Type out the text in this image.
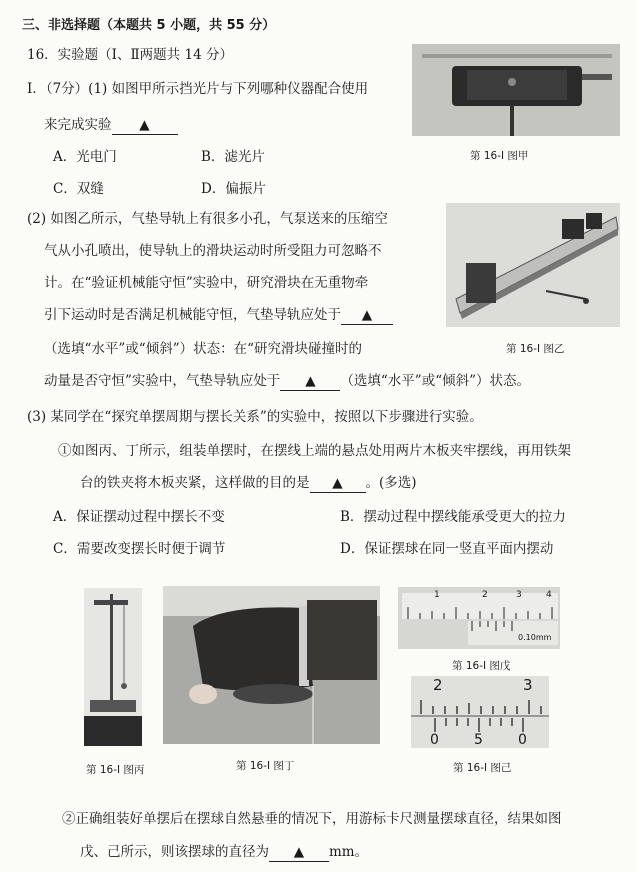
三、非选择题（本题共 5 小题，共 55 分）
16．实验题（Ⅰ、Ⅱ两题共 14 分）
Ⅰ．（7分）(1) 如图甲所示挡光片与下列哪种仪器配合使用
来完成实验 ▲
A．光电门	B．滤光片
C．双缝	D．偏振片
第 16-Ⅰ 图甲
(2) 如图乙所示，气垫导轨上有很多小孔，气泵送来的压缩空
气从小孔喷出，使导轨上的滑块运动时所受阻力可忽略不
计。在“验证机械能守恒”实验中，研究滑块在无重物牵
引下运动时是否满足机械能守恒，气垫导轨应处于 ▲
（选填“水平”或“倾斜”）状态：在“研究滑块碰撞时的
动量是否守恒”实验中，气垫导轨应处于 ▲ （选填“水平”或“倾斜”）状态。
第 16-Ⅰ 图乙
(3) 某同学在“探究单摆周期与摆长关系”的实验中，按照以下步骤进行实验。
①如图丙、丁所示，组装单摆时，在摆线上端的悬点处用两片木板夹牢摆线，再用铁架
台的铁夹将木板夹紧，这样做的目的是 ▲ 。(多选)
A．保证摆动过程中摆长不变	B．摆动过程中摆线能承受更大的拉力
C．需要改变摆长时便于调节	D．保证摆球在同一竖直平面内摆动
第 16-Ⅰ 图丙	第 16-Ⅰ 图丁
1	2	3	4
0.10mm
第 16-Ⅰ 图戊
2	3
0	5	0
第 16-Ⅰ 图己
②正确组装好单摆后在摆球自然悬垂的情况下，用游标卡尺测量摆球直径，结果如图
戊、己所示，则该摆球的直径为 ▲ mm。
